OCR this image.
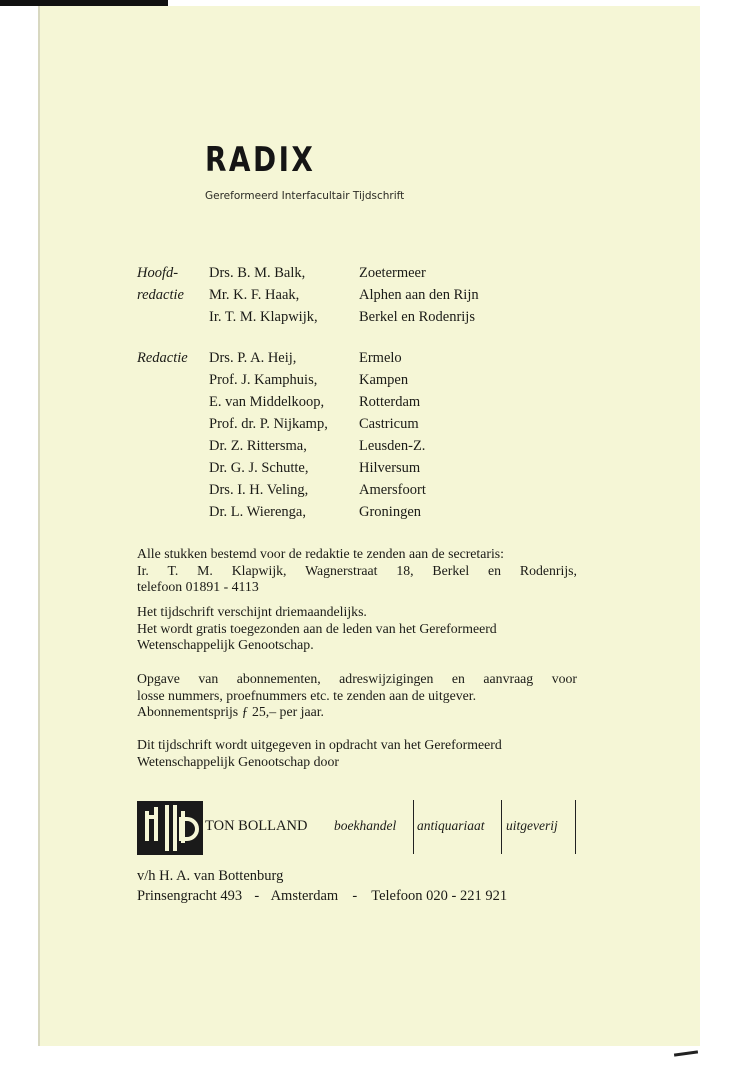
RADIX
Gereformeerd Interfacultair Tijdschrift
Hoofd-
redactie
Drs. B. M. Balk,	Zoetermeer
Mr. K. F. Haak,	Alphen aan den Rijn
Ir. T. M. Klapwijk,	Berkel en Rodenrijs
Redactie Drs. P. A. Heij,	Ermelo
Prof. J. Kamphuis,	Kampen
E. van Middelkoop, Rotterdam
Prof. dr. P. Nijkamp, Castricum
Dr. Z. Rittersma,	Leusden-Z.
Dr. G. J. Schutte,	Hilversum
Drs. I. H. Veling,	Amersfoort
Dr. L. Wierenga,	Groningen

Alle stukken bestemd voor de redaktie te zenden aan de secretaris:

Ir. T. M. Klapwijk, Wagnerstraat 18, Berkel en Rodenrijs,

telefoon 01891 - 4113

Het tijdschrift verschijnt driemaandelijks.

Het wordt gratis toegezonden aan de leden van het Gereformeerd

Wetenschappelijk Genootschap.

Opgave van abonnementen, adreswijzigingen en aanvraag voor

losse nummers, proefnummers etc. te zenden aan de uitgever.

Abonnementsprijs ƒ 25,– per jaar.

Dit tijdschrift wordt uitgegeven in opdracht van het Gereformeerd

Wetenschappelijk Genootschap door

TON BOLLAND boekhandel antiquariaat uitgeverij
v/h H. A. van Bottenburg
Prinsengracht 493 - Amsterdam - Telefoon 020 - 221 921
